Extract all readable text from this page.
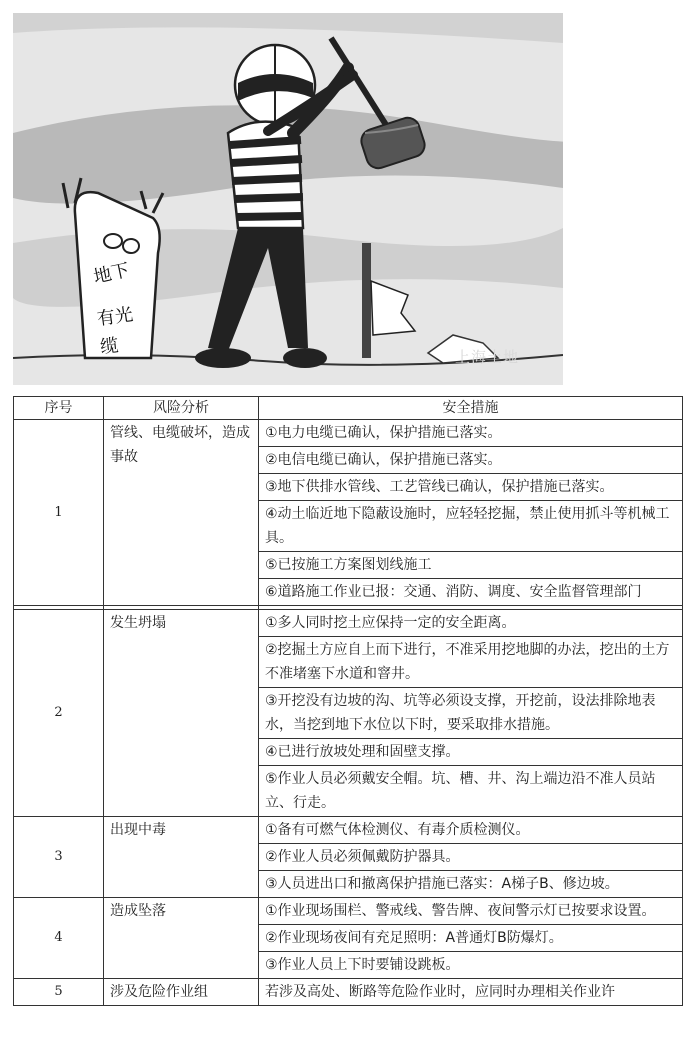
地下
有光
缆	上海土地
序号	风险分析	安全措施
1	管线、电缆破坏，造成事故	①电力电缆已确认，保护措施已落实。
		②电信电缆已确认，保护措施已落实。
		③地下供排水管线、工艺管线已确认，保护措施已落实。
		④动土临近地下隐蔽设施时，应轻轻挖掘，禁止使用抓斗等机械工具。
		⑤已按施工方案图划线施工
		⑥道路施工作业已报：交通、消防、调度、安全监督管理部门

2	发生坍塌	①多人同时挖土应保持一定的安全距离。
		②挖掘土方应自上而下进行，不准采用挖地脚的办法，挖出的土方不准堵塞下水道和窨井。
		③开挖没有边坡的沟、坑等必须设支撑，开挖前，设法排除地表水，当挖到地下水位以下时，要采取排水措施。
		④已进行放坡处理和固壁支撑。
		⑤作业人员必须戴安全帽。坑、槽、井、沟上端边沿不准人员站立、行走。
3	出现中毒	①备有可燃气体检测仪、有毒介质检测仪。
		②作业人员必须佩戴防护器具。
		③人员进出口和撤离保护措施已落实：A梯子B、修边坡。
4	造成坠落	①作业现场围栏、警戒线、警告牌、夜间警示灯已按要求设置。
		②作业现场夜间有充足照明：A普通灯B防爆灯。
		③作业人员上下时要铺设跳板。
5	涉及危险作业组	若涉及高处、断路等危险作业时，应同时办理相关作业许
